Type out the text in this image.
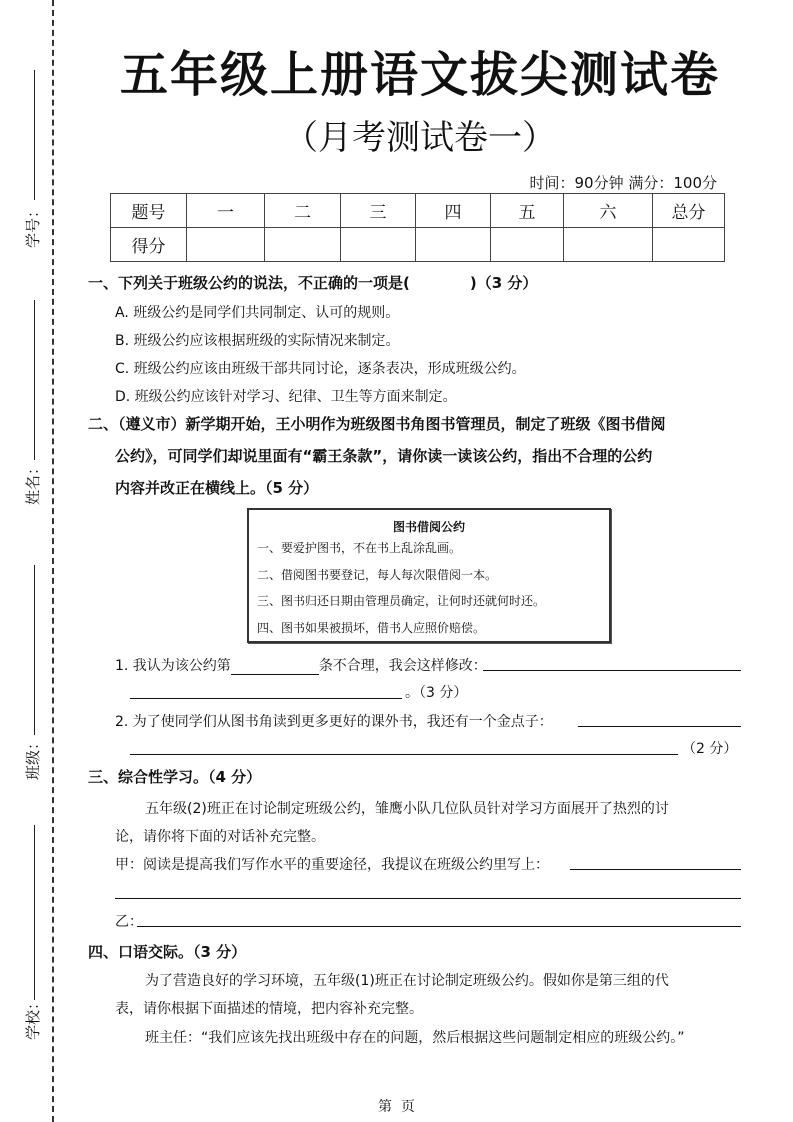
学号：
姓名：
班级：
学校：
五年级上册语文拔尖测试卷
（月考测试卷一）
时间：90分钟 满分：100分
题号	一	二	三	四	五	六	总分
得分							
一、下列关于班级公约的说法，不正确的一项是(	)（3 分）
A. 班级公约是同学们共同制定、认可的规则。
B. 班级公约应该根据班级的实际情况来制定。
C. 班级公约应该由班级干部共同讨论，逐条表决，形成班级公约。
D. 班级公约应该针对学习、纪律、卫生等方面来制定。
二、（遵义市）新学期开始，王小明作为班级图书角图书管理员，制定了班级《图书借阅
公约》，可同学们却说里面有“霸王条款”，请你读一读该公约，指出不合理的公约
内容并改正在横线上。（5 分）
图书借阅公约
一、要爱护图书，不在书上乱涂乱画。
二、借阅图书要登记，每人每次限借阅一本。
三、图书归还日期由管理员确定，让何时还就何时还。
四、图书如果被损坏，借书人应照价赔偿。
1. 我认为该公约第	条不合理，我会这样修改：
。（3 分）
2. 为了使同学们从图书角读到更多更好的课外书，我还有一个金点子：
（2 分）
三、综合性学习。（4 分）
五年级(2)班正在讨论制定班级公约，雏鹰小队几位队员针对学习方面展开了热烈的讨
论，请你将下面的对话补充完整。
甲：阅读是提高我们写作水平的重要途径，我提议在班级公约里写上：
乙：
四、口语交际。（3 分）
为了营造良好的学习环境，五年级(1)班正在讨论制定班级公约。假如你是第三组的代
表，请你根据下面描述的情境，把内容补充完整。
班主任：“我们应该先找出班级中存在的问题，然后根据这些问题制定相应的班级公约。”
第  页
